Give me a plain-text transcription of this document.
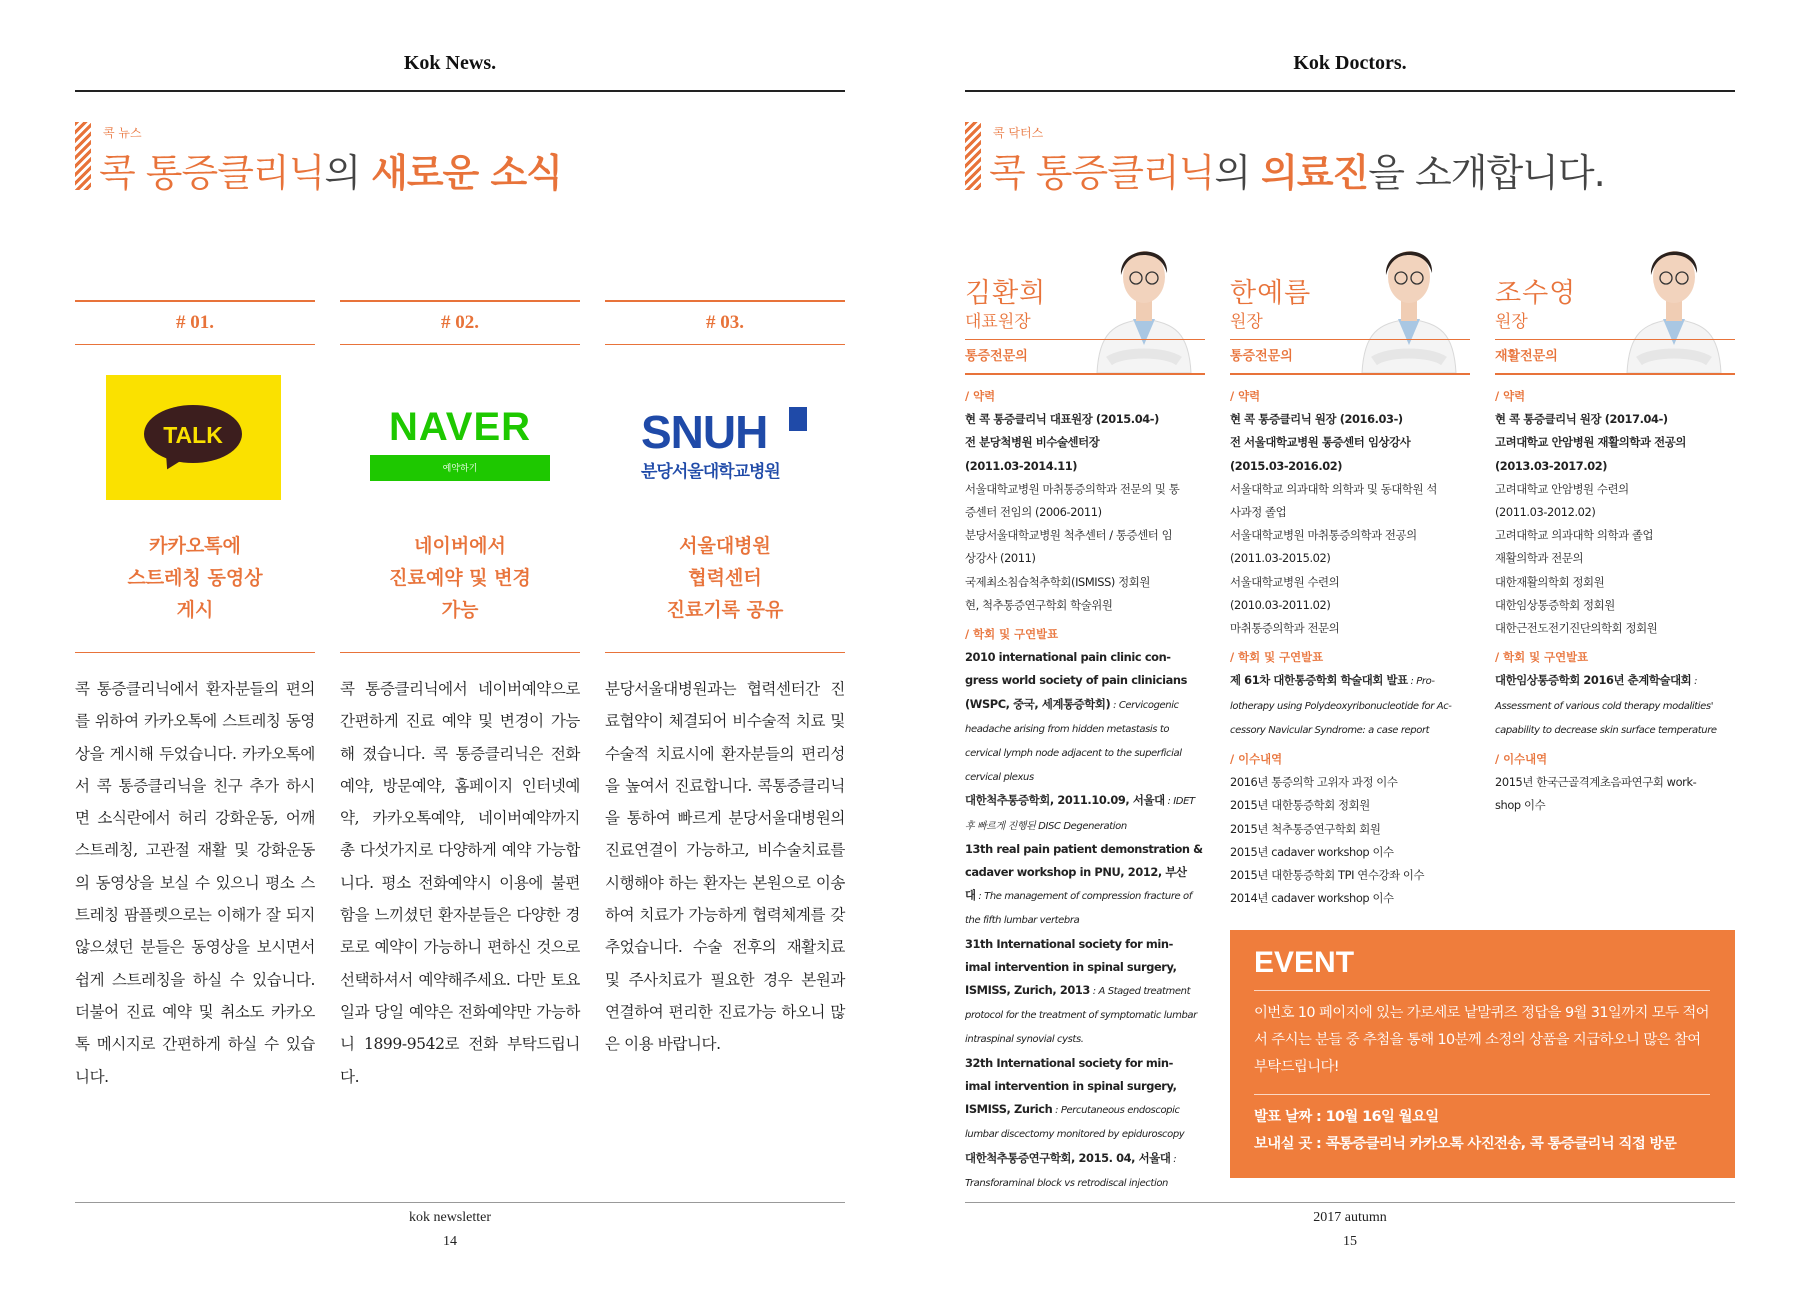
Kok News.
콕 뉴스
콕 통증클리닉의 새로운 소식
# 01.
TALK
카카오톡에
스트레칭 동영상
게시
콕 통증클리닉에서 환자분들의 편의를 위하여 카카오톡에 스트레칭 동영상을 게시해 두었습니다. 카카오톡에서 콕 통증클리닉을 친구 추가 하시면 소식란에서 허리 강화운동, 어깨 스트레칭, 고관절 재활 및 강화운동의 동영상을 보실 수 있으니 평소 스트레칭 팜플렛으로는 이해가 잘 되지 않으셨던 분들은 동영상을 보시면서 쉽게 스트레칭을 하실 수 있습니다. 더불어 진료 예약 및 취소도 카카오톡 메시지로 간편하게 하실 수 있습니다.
# 02.
NAVER
예약하기
네이버에서
진료예약 및 변경
가능
콕 통증클리닉에서 네이버예약으로 간편하게 진료 예약 및 변경이 가능해 졌습니다. 콕 통증클리닉은 전화예약, 방문예약, 홈페이지 인터넷예약, 카카오톡예약, 네이버예약까지 총 다섯가지로 다양하게 예약 가능합니다. 평소 전화예약시 이용에 불편함을 느끼셨던 환자분들은 다양한 경로로 예약이 가능하니 편하신 것으로 선택하셔서 예약해주세요. 다만 토요일과 당일 예약은 전화예약만 가능하니 1899-9542로 전화 부탁드립니다.
# 03.
SNUH
분당서울대학교병원
서울대병원
협력센터
진료기록 공유
분당서울대병원과는 협력센터간 진료협약이 체결되어 비수술적 치료 및 수술적 치료시에 환자분들의 편리성을 높여서 진료합니다. 콕통증클리닉을 통하여 빠르게 분당서울대병원의 진료연결이 가능하고, 비수술치료를 시행해야 하는 환자는 본원으로 이송하여 치료가 가능하게 협력체계를 갖추었습니다. 수술 전후의 재활치료 및 주사치료가 필요한 경우 본원과 연결하여 편리한 진료가능 하오니 많은 이용 바랍니다.
kok newsletter
14
Kok Doctors.
콕 닥터스
콕 통증클리닉의 의료진을 소개합니다.
김환희
대표원장
통증전문의
/ 약력
현 콕 통증클리닉 대표원장 (2015.04-)
전 분당척병원 비수술센터장
(2011.03-2014.11)
서울대학교병원 마취통증의학과 전문의 및 통
증센터 전임의 (2006-2011)
분당서울대학교병원 척추센터 / 통증센터 임
상강사 (2011)
국제최소침습척추학회(ISMISS) 정회원
현, 척추통증연구학회 학술위원
/ 학회 및 구연발표
2010 international pain clinic con-
gress world society of pain clinicians
(WSPC, 중국, 세계통증학회) : Cervicogenic
headache arising from hidden metastasis to
cervical lymph node adjacent to the superficial
cervical plexus
대한척추통증학회, 2011.10.09, 서울대 : IDET
후 빠르게 진행된 DISC Degeneration
13th real pain patient demonstration &
cadaver workshop in PNU, 2012, 부산
대 : The management of compression fracture of
the fifth lumbar vertebra
31th International society for min-
imal intervention in spinal surgery,
ISMISS, Zurich, 2013 : A Staged treatment
protocol for the treatment of symptomatic lumbar
intraspinal synovial cysts.
32th International society for min-
imal intervention in spinal surgery,
ISMISS, Zurich : Percutaneous endoscopic
lumbar discectomy monitored by epiduroscopy
대한척추통증연구학회, 2015. 04, 서울대 :
Transforaminal block vs retrodiscal injection
한예름
원장
통증전문의
/ 약력
현 콕 통증클리닉 원장 (2016.03-)
전 서울대학교병원 통증센터 임상강사
(2015.03-2016.02)
서울대학교 의과대학 의학과 및 동대학원 석
사과정 졸업
서울대학교병원 마취통증의학과 전공의
(2011.03-2015.02)
서울대학교병원 수련의
(2010.03-2011.02)
마취통증의학과 전문의
/ 학회 및 구연발표
제 61차 대한통증학회 학술대회 발표 : Pro-
lotherapy using Polydeoxyribonucleotide for Ac-
cessory Navicular Syndrome: a case report
/ 이수내역
2016년 통증의학 고위자 과정 이수
2015년 대한통증학회 정회원
2015년 척추통증연구학회 회원
2015년 cadaver workshop 이수
2015년 대한통증학회 TPI 연수강좌 이수
2014년 cadaver workshop 이수
조수영
원장
재활전문의
/ 약력
현 콕 통증클리닉 원장 (2017.04-)
고려대학교 안암병원 재활의학과 전공의
(2013.03-2017.02)
고려대학교 안암병원 수련의
(2011.03-2012.02)
고려대학교 의과대학 의학과 졸업
재활의학과 전문의
대한재활의학회 정회원
대한임상통증학회 정회원
대한근전도전기진단의학회 정회원
/ 학회 및 구연발표
대한임상통증학회 2016년 춘계학술대회 :
Assessment of various cold therapy modalities'
capability to decrease skin surface temperature
/ 이수내역
2015년 한국근골격계초음파연구회 work-
shop 이수
EVENT
이번호 10 페이지에 있는 가로세로 낱말퀴즈 정답을 9월 31일까지 모두 적어서 주시는 분들 중 추첨을 통해 10분께 소정의 상품을 지급하오니 많은 참여 부탁드립니다!
발표 날짜 : 10월 16일 월요일
보내실 곳 : 콕통증클리닉 카카오톡 사진전송, 콕 통증클리닉 직접 방문
2017 autumn
15
